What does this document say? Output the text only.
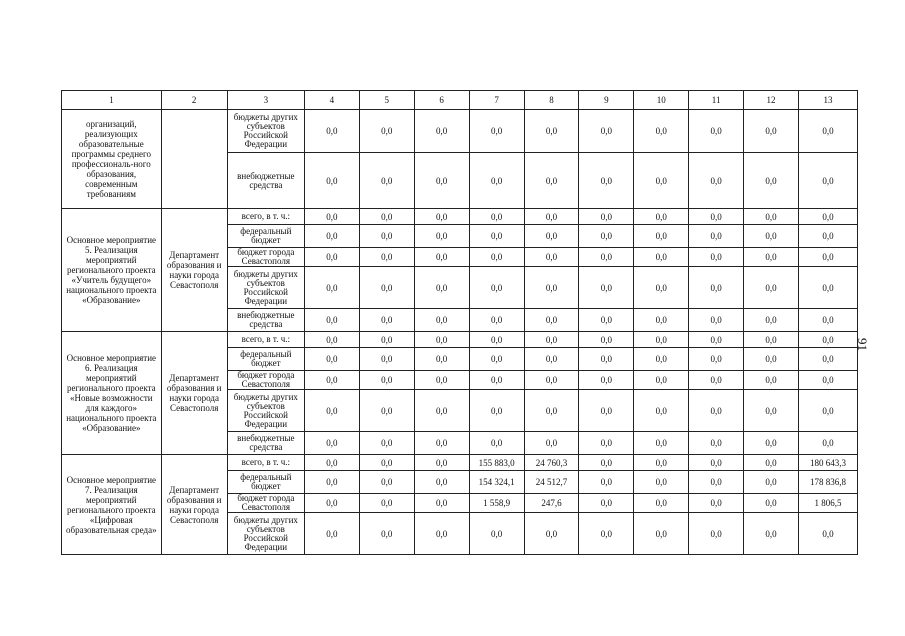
1	2	3	4	5	6	7	8	9	10	11	12	13
организаций, реализующих образовательные программы среднего профессиональ-ного образования, современным требованиям		бюджеты других субъектов Российской Федерации	0,0	0,0	0,0	0,0	0,0	0,0	0,0	0,0	0,0	0,0
		внебюджетные средства	0,0	0,0	0,0	0,0	0,0	0,0	0,0	0,0	0,0	0,0
Основное мероприятие 5. Реализация мероприятий регионального проекта «Учитель будущего» национального проекта «Образование»	Департамент образования и науки города Севастополя	всего, в т. ч.:	0,0	0,0	0,0	0,0	0,0	0,0	0,0	0,0	0,0	0,0
		федеральный бюджет	0,0	0,0	0,0	0,0	0,0	0,0	0,0	0,0	0,0	0,0
		бюджет города Севастополя	0,0	0,0	0,0	0,0	0,0	0,0	0,0	0,0	0,0	0,0
		бюджеты других субъектов Российской Федерации	0,0	0,0	0,0	0,0	0,0	0,0	0,0	0,0	0,0	0,0
		внебюджетные средства	0,0	0,0	0,0	0,0	0,0	0,0	0,0	0,0	0,0	0,0
Основное мероприятие 6. Реализация мероприятий регионального проекта «Новые возможности для каждого» национального проекта «Образование»	Департамент образования и науки города Севастополя	всего, в т. ч.:	0,0	0,0	0,0	0,0	0,0	0,0	0,0	0,0	0,0	0,0
		федеральный бюджет	0,0	0,0	0,0	0,0	0,0	0,0	0,0	0,0	0,0	0,0
		бюджет города Севастополя	0,0	0,0	0,0	0,0	0,0	0,0	0,0	0,0	0,0	0,0
		бюджеты других субъектов Российской Федерации	0,0	0,0	0,0	0,0	0,0	0,0	0,0	0,0	0,0	0,0
		внебюджетные средства	0,0	0,0	0,0	0,0	0,0	0,0	0,0	0,0	0,0	0,0
Основное мероприятие 7. Реализация мероприятий регионального проекта «Цифровая образовательная среда»	Департамент образования и науки города Севастополя	всего, в т. ч.:	0,0	0,0	0,0	155 883,0	24 760,3	0,0	0,0	0,0	0,0	180 643,3
		федеральный бюджет	0,0	0,0	0,0	154 324,1	24 512,7	0,0	0,0	0,0	0,0	178 836,8
		бюджет города Севастополя	0,0	0,0	0,0	1 558,9	247,6	0,0	0,0	0,0	0,0	1 806,5
		бюджеты других субъектов Российской Федерации	0,0	0,0	0,0	0,0	0,0	0,0	0,0	0,0	0,0	0,0
91
